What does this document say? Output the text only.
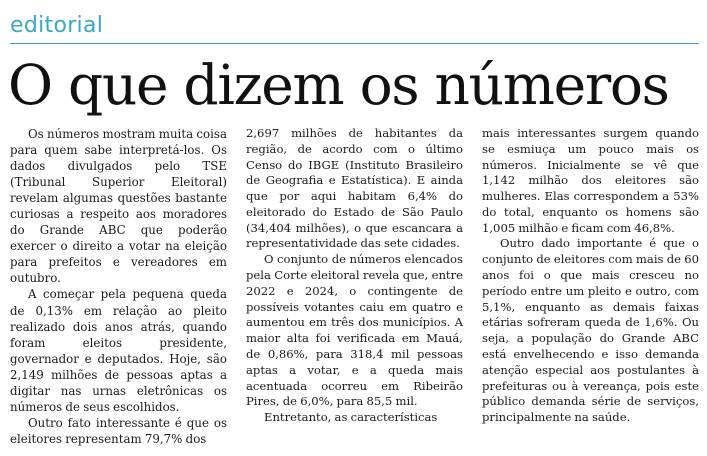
editorial
O que dizem os números

Os números mostram muita coisa para quem sabe interpretá-los. Os dados divulgados pelo TSE (Tribunal Superior Eleitoral) revelam algumas questões bastante curiosas a respeito aos moradores do Grande ABC que poderão exercer o direito a votar na eleição para prefeitos e vereadores em outubro.

A começar pela pequena queda de 0,13% em relação ao pleito realizado dois anos atrás, quando foram eleitos presidente, governador e deputados. Hoje, são 2,149 milhões de pessoas aptas a digitar nas urnas eletrônicas os números de seus escolhidos.

Outro fato interessante é que os eleitores representam 79,7% dos

2,697 milhões de habitantes da região, de acordo com o último Censo do IBGE (Instituto Brasileiro de Geografia e Estatística). E ainda que por aqui habitam 6,4% do eleitorado do Estado de São Paulo (34,404 milhões), o que escancara a representatividade das sete cidades.

O conjunto de números elencados pela Corte eleitoral revela que, entre 2022 e 2024, o contingente de possíveis votantes caiu em quatro e aumentou em três dos municípios. A maior alta foi verificada em Mauá, de 0,86%, para 318,4 mil pessoas aptas a votar, e a queda mais acentuada ocorreu em Ribeirão Pires, de 6,0%, para 85,5 mil.

Entretanto, as características

mais interessantes surgem quando se esmiuça um pouco mais os números. Inicialmente se vê que 1,142 milhão dos eleitores são mulheres. Elas correspondem a 53% do total, enquanto os homens são 1,005 milhão e ficam com 46,8%.

Outro dado importante é que o conjunto de eleitores com mais de 60 anos foi o que mais cresceu no período entre um pleito e outro, com 5,1%, enquanto as demais faixas etárias sofreram queda de 1,6%. Ou seja, a população do Grande ABC está envelhecendo e isso demanda atenção especial aos postulantes à prefeituras ou à vereança, pois este público demanda série de serviços, principalmente na saúde.
